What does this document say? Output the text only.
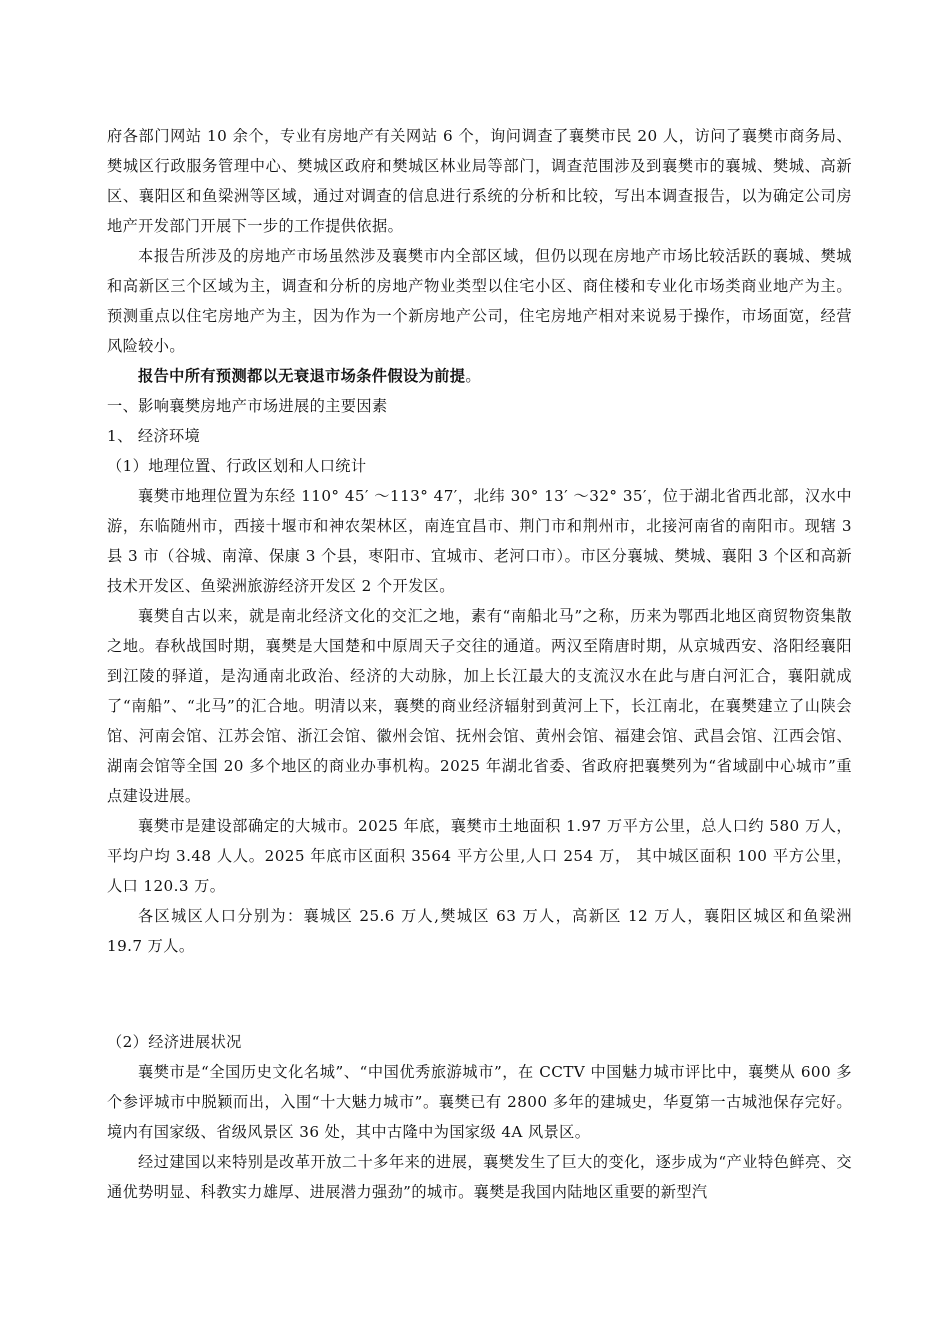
府各部门网站 10 余个，专业有房地产有关网站 6 个，询问调查了襄樊市民 20 人，访问了襄樊市商务局、樊城区行政服务管理中心、樊城区政府和樊城区林业局等部门，调查范围涉及到襄樊市的襄城、樊城、高新区、襄阳区和鱼梁洲等区域，通过对调查的信息进行系统的分析和比较，写出本调查报告，以为确定公司房地产开发部门开展下一步的工作提供依据。

本报告所涉及的房地产市场虽然涉及襄樊市内全部区域，但仍以现在房地产市场比较活跃的襄城、樊城和高新区三个区域为主，调查和分析的房地产物业类型以住宅小区、商住楼和专业化市场类商业地产为主。预测重点以住宅房地产为主，因为作为一个新房地产公司，住宅房地产相对来说易于操作，市场面宽，经营风险较小。

报告中所有预测都以无衰退市场条件假设为前提。

一、影响襄樊房地产市场进展的主要因素

1、 经济环境

（1）地理位置、行政区划和人口统计

襄樊市地理位置为东经 110° 45′ ～113° 47′，北纬 30° 13′ ～32° 35′，位于湖北省西北部，汉水中游，东临随州市，西接十堰市和神农架林区，南连宜昌市、荆门市和荆州市，北接河南省的南阳市。现辖 3 县 3 市（谷城、南漳、保康 3 个县，枣阳市、宜城市、老河口市）。市区分襄城、樊城、襄阳 3 个区和高新技术开发区、鱼梁洲旅游经济开发区 2 个开发区。

襄樊自古以来，就是南北经济文化的交汇之地，素有“南船北马”之称，历来为鄂西北地区商贸物资集散之地。春秋战国时期，襄樊是大国楚和中原周天子交往的通道。两汉至隋唐时期，从京城西安、洛阳经襄阳到江陵的驿道，是沟通南北政治、经济的大动脉，加上长江最大的支流汉水在此与唐白河汇合，襄阳就成了“南船”、“北马”的汇合地。明清以来，襄樊的商业经济辐射到黄河上下，长江南北，在襄樊建立了山陕会馆、河南会馆、江苏会馆、浙江会馆、徽州会馆、抚州会馆、黄州会馆、福建会馆、武昌会馆、江西会馆、湖南会馆等全国 20 多个地区的商业办事机构。2025 年湖北省委、省政府把襄樊列为“省域副中心城市”重点建设进展。

襄樊市是建设部确定的大城市。2025 年底，襄樊市土地面积 1.97 万平方公里，总人口约 580 万人，平均户均 3.48 人人。2025 年底市区面积 3564 平方公里,人口 254 万， 其中城区面积 100 平方公里，人口 120.3 万。

各区城区人口分别为：襄城区 25.6 万人,樊城区 63 万人，高新区 12 万人，襄阳区城区和鱼梁洲 19.7 万人。

（2）经济进展状况

襄樊市是“全国历史文化名城”、“中国优秀旅游城市”，在 CCTV 中国魅力城市评比中，襄樊从 600 多个参评城市中脱颖而出，入围“十大魅力城市”。襄樊已有 2800 多年的建城史，华夏第一古城池保存完好。境内有国家级、省级风景区 36 处，其中古隆中为国家级 4A 风景区。

经过建国以来特别是改革开放二十多年来的进展，襄樊发生了巨大的变化，逐步成为“产业特色鲜亮、交通优势明显、科教实力雄厚、进展潜力强劲”的城市。襄樊是我国内陆地区重要的新型汽
